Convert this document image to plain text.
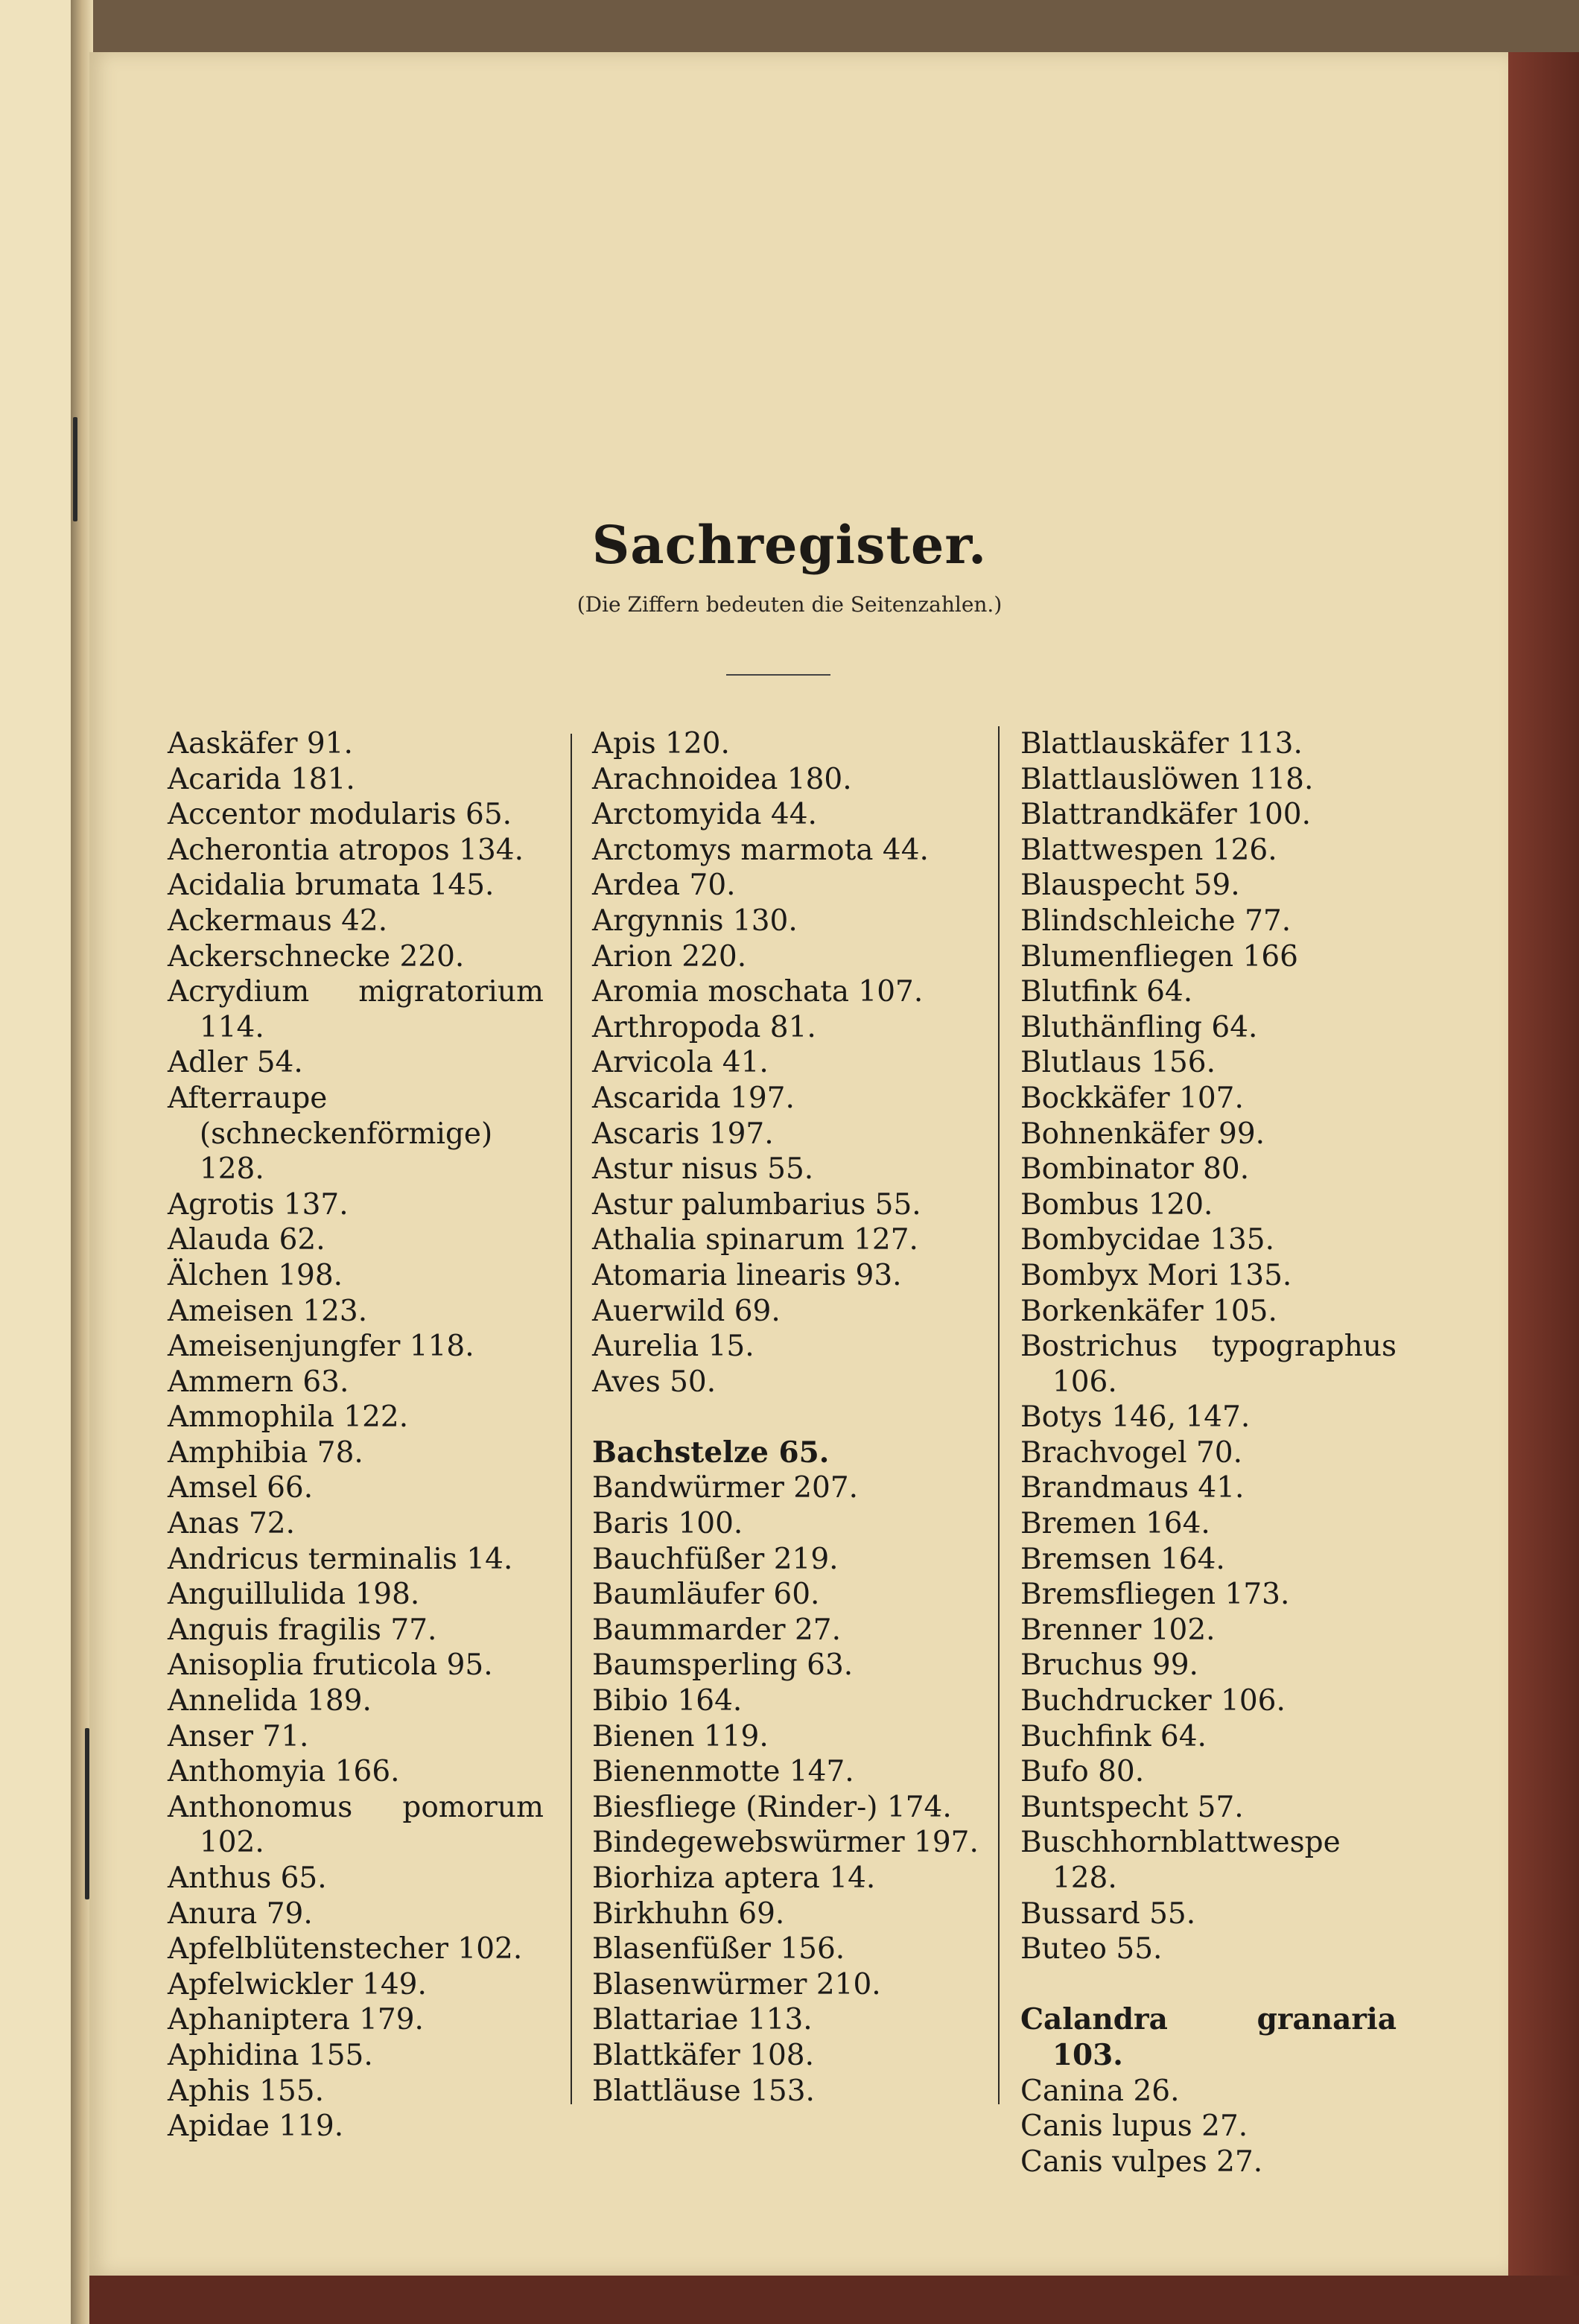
Sachregister.
(Die Ziffern bedeuten die Seitenzahlen.)
Aaskäfer 91.
Acarida 181.
Accentor modularis 65.
Acherontia atropos 134.
Acidalia brumata 145.
Ackermaus 42.
Ackerschnecke 220.
Acrydium migratorium 114.
Adler 54.
Afterraupe (schneckenförmige) 128.
Agrotis 137.
Alauda 62.
Älchen 198.
Ameisen 123.
Ameisenjungfer 118.
Ammern 63.
Ammophila 122.
Amphibia 78.
Amsel 66.
Anas 72.
Andricus terminalis 14.
Anguillulida 198.
Anguis fragilis 77.
Anisoplia fruticola 95.
Annelida 189.
Anser 71.
Anthomyia 166.
Anthonomus pomorum 102.
Anthus 65.
Anura 79.
Apfelblütenstecher 102.
Apfelwickler 149.
Aphaniptera 179.
Aphidina 155.
Aphis 155.
Apidae 119.
Apis 120.
Arachnoidea 180.
Arctomyida 44.
Arctomys marmota 44.
Ardea 70.
Argynnis 130.
Arion 220.
Aromia moschata 107.
Arthropoda 81.
Arvicola 41.
Ascarida 197.
Ascaris 197.
Astur nisus 55.
Astur palumbarius 55.
Athalia spinarum 127.
Atomaria linearis 93.
Auerwild 69.
Aurelia 15.
Aves 50.
Bachstelze 65.
Bandwürmer 207.
Baris 100.
Bauchfüßer 219.
Baumläufer 60.
Baummarder 27.
Baumsperling 63.
Bibio 164.
Bienen 119.
Bienenmotte 147.
Biesfliege (Rinder-) 174.
Bindegewebswürmer 197.
Biorhiza aptera 14.
Birkhuhn 69.
Blasenfüßer 156.
Blasenwürmer 210.
Blattariae 113.
Blattkäfer 108.
Blattläuse 153.
Blattlauskäfer 113.
Blattlauslöwen 118.
Blattrandkäfer 100.
Blattwespen 126.
Blauspecht 59.
Blindschleiche 77.
Blumenfliegen 166
Blutfink 64.
Bluthänfling 64.
Blutlaus 156.
Bockkäfer 107.
Bohnenkäfer 99.
Bombinator 80.
Bombus 120.
Bombycidae 135.
Bombyx Mori 135.
Borkenkäfer 105.
Bostrichus typographus 106.
Botys 146, 147.
Brachvogel 70.
Brandmaus 41.
Bremen 164.
Bremsen 164.
Bremsfliegen 173.
Brenner 102.
Bruchus 99.
Buchdrucker 106.
Buchfink 64.
Bufo 80.
Buntspecht 57.
Buschhornblattwespe 128.
Bussard 55.
Buteo 55.
Calandra granaria 103.
Canina 26.
Canis lupus 27.
Canis vulpes 27.
